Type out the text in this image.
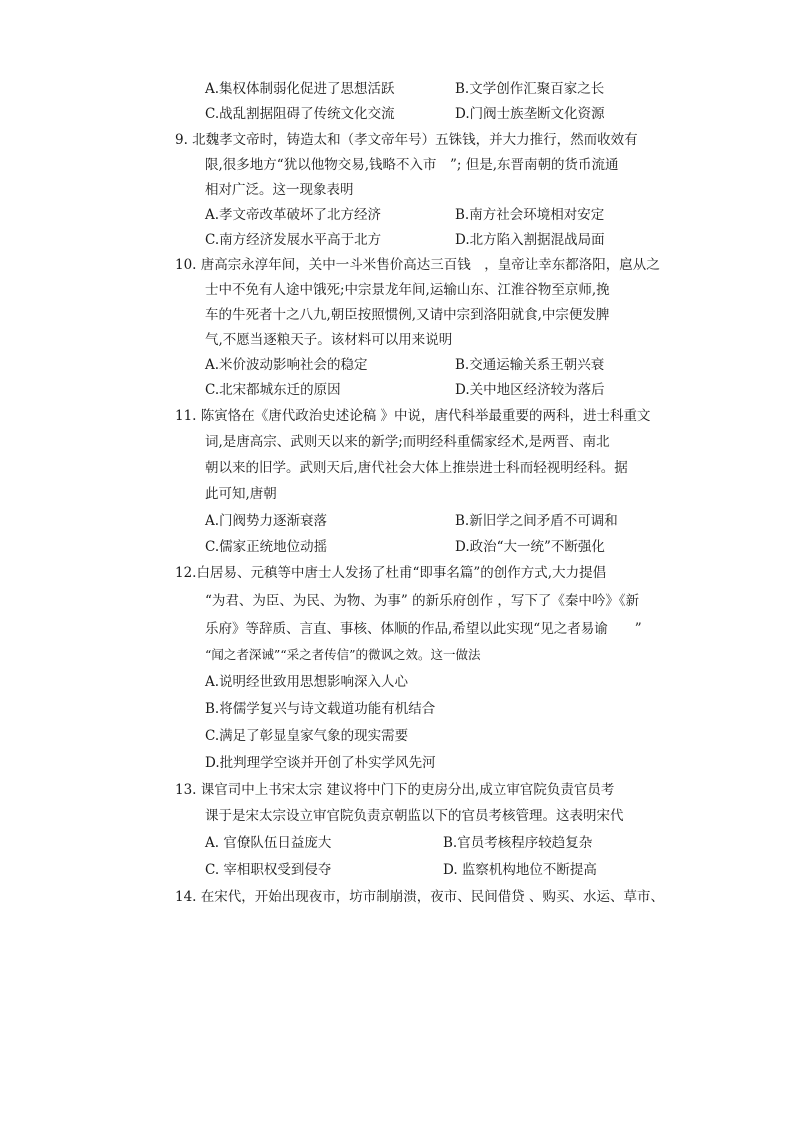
A.集权体制弱化促进了思想活跃	B.文学创作汇聚百家之长
C.战乱割据阻碍了传统文化交流	D.门阀士族垄断文化资源
9. 北魏孝文帝时，铸造太和（孝文帝年号）五铢钱，并大力推行，然而收效有
限,很多地方“犹以他物交易,钱略不入市　”; 但是,东晋南朝的货币流通
相对广泛。这一现象表明
A.孝文帝改革破坏了北方经济	B.南方社会环境相对安定
C.南方经济发展水平高于北方	D.北方陷入割据混战局面
10. 唐高宗永淳年间，关中一斗米售价高达三百钱　，皇帝让幸东都洛阳，扈从之
士中不免有人途中饿死;中宗景龙年间,运输山东、江淮谷物至京师,挽
车的牛死者十之八九,朝臣按照惯例,又请中宗到洛阳就食,中宗便发脾
气,不愿当逐粮天子。该材料可以用来说明
A.米价波动影响社会的稳定	B.交通运输关系王朝兴衰
C.北宋都城东迁的原因	D.关中地区经济较为落后
11. 陈寅恪在《唐代政治史述论稿 》中说，唐代科举最重要的两科，进士科重文
词,是唐高宗、武则天以来的新学;而明经科重儒家经术,是两晋、南北
朝以来的旧学。武则天后,唐代社会大体上推崇进士科而轻视明经科。据
此可知,唐朝
A.门阀势力逐渐衰落	B.新旧学之间矛盾不可调和
C.儒家正统地位动摇	D.政治“大一统”不断强化
12.白居易、元稹等中唐士人发扬了杜甫“即事名篇”的创作方式,大力提倡
“为君、为臣、为民、为物、为事” 的新乐府创作 ，写下了《秦中吟》《新
乐府》等辞质、言直、事核、体顺的作品,希望以此实现“见之者易谕　　”
“闻之者深诫”“采之者传信”的微讽之效。这一做法
A.说明经世致用思想影响深入人心
B.将儒学复兴与诗文载道功能有机结合
C.满足了彰显皇家气象的现实需要
D.批判理学空谈并开创了朴实学风先河
13. 课官司中上书宋太宗 建议将中门下的吏房分出,成立审官院负责官员考
课于是宋太宗设立审官院负责京朝监以下的官员考核管理。这表明宋代
A. 官僚队伍日益庞大	B.官员考核程序较趋复杂
C. 宰相职权受到侵夺	D. 监察机构地位不断提高
14. 在宋代，开始出现夜市，坊市制崩溃，夜市、民间借贷 、购买、水运、草市、
